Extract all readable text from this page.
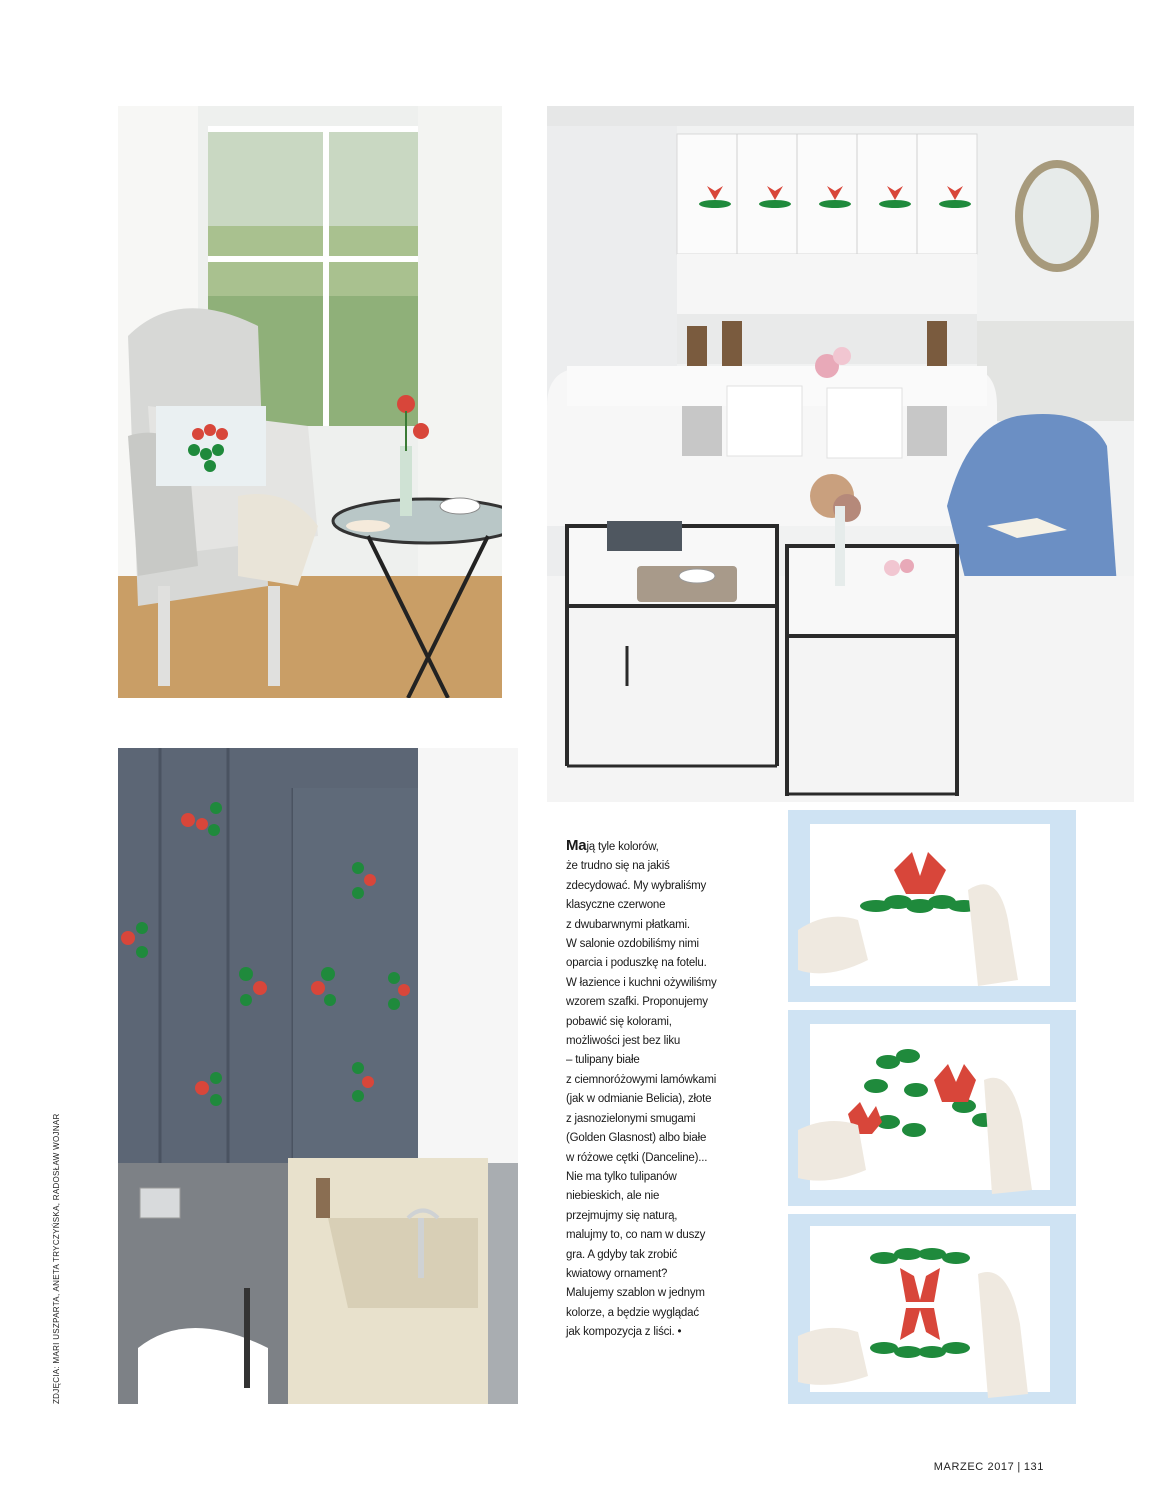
Mają tyle kolorów,

że trudno się na jakiś

zdecydować. My wybraliśmy

klasyczne czerwone

z dwubarwnymi płatkami.

W salonie ozdobiliśmy nimi

oparcia i poduszkę na fotelu.

W łazience i kuchni ożywiliśmy

wzorem szafki. Proponujemy

pobawić się kolorami,

możliwości jest bez liku

– tulipany białe

z ciemnoróżowymi lamówkami

(jak w odmianie Belicia), złote

z jasnozielonymi smugami

(Golden Glasnost) albo białe

w różowe cętki (Danceline)...

Nie ma tylko tulipanów

niebieskich, ale nie

przejmujmy się naturą,

malujmy to, co nam w duszy

gra. A gdyby tak zrobić

kwiatowy ornament?

Malujemy szablon w jednym

kolorze, a będzie wyglądać

jak kompozycja z liści. •

ZDJĘCIA: MARI USZPARTA, ANETA TRYCZYŃSKA, RADOSŁAW WOJNAR
MARZEC 2017 | 131
